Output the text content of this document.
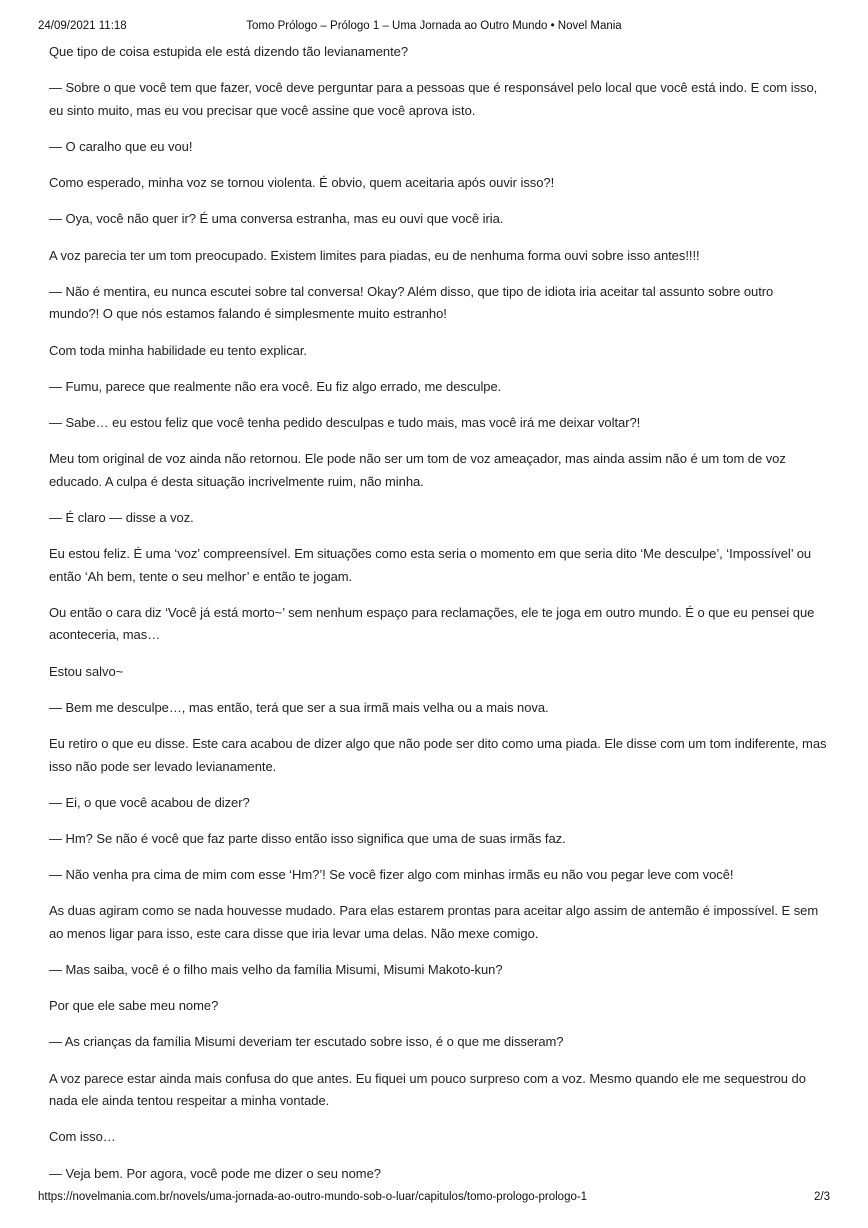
24/09/2021 11:18	Tomo Prólogo – Prólogo 1 – Uma Jornada ao Outro Mundo • Novel Mania

Que tipo de coisa estupida ele está dizendo tão levianamente?

— Sobre o que você tem que fazer, você deve perguntar para a pessoas que é responsável pelo local que você está indo. E com isso, eu sinto muito, mas eu vou precisar que você assine que você aprova isto.

— O caralho que eu vou!

Como esperado, minha voz se tornou violenta. É obvio, quem aceitaria após ouvir isso?!

— Oya, você não quer ir? É uma conversa estranha, mas eu ouvi que você iria.

A voz parecia ter um tom preocupado. Existem limites para piadas, eu de nenhuma forma ouvi sobre isso antes!!!!

— Não é mentira, eu nunca escutei sobre tal conversa! Okay? Além disso, que tipo de idiota iria aceitar tal assunto sobre outro mundo?! O que nós estamos falando é simplesmente muito estranho!

Com toda minha habilidade eu tento explicar.

— Fumu, parece que realmente não era você. Eu fiz algo errado, me desculpe.

— Sabe… eu estou feliz que você tenha pedido desculpas e tudo mais, mas você irá me deixar voltar?!

Meu tom original de voz ainda não retornou. Ele pode não ser um tom de voz ameaçador, mas ainda assim não é um tom de voz educado. A culpa é desta situação incrivelmente ruim, não minha.

— É claro — disse a voz.

Eu estou feliz. É uma ‘voz’ compreensível. Em situações como esta seria o momento em que seria dito ‘Me desculpe’, ‘Impossível’ ou então ‘Ah bem, tente o seu melhor’ e então te jogam.

Ou então o cara diz ‘Você já está morto~’ sem nenhum espaço para reclamações, ele te joga em outro mundo. É o que eu pensei que aconteceria, mas…

Estou salvo~

— Bem me desculpe…, mas então, terá que ser a sua irmã mais velha ou a mais nova.

Eu retiro o que eu disse. Este cara acabou de dizer algo que não pode ser dito como uma piada. Ele disse com um tom indiferente, mas isso não pode ser levado levianamente.

— Ei, o que você acabou de dizer?

— Hm? Se não é você que faz parte disso então isso significa que uma de suas irmãs faz.

— Não venha pra cima de mim com esse ‘Hm?’! Se você fizer algo com minhas irmãs eu não vou pegar leve com você!

As duas agiram como se nada houvesse mudado. Para elas estarem prontas para aceitar algo assim de antemão é impossível. E sem ao menos ligar para isso, este cara disse que iria levar uma delas. Não mexe comigo.

— Mas saiba, você é o filho mais velho da família Misumi, Misumi Makoto-kun?

Por que ele sabe meu nome?

— As crianças da família Misumi deveriam ter escutado sobre isso, é o que me disseram?

A voz parece estar ainda mais confusa do que antes. Eu fiquei um pouco surpreso com a voz. Mesmo quando ele me sequestrou do nada ele ainda tentou respeitar a minha vontade.

Com isso…

— Veja bem. Por agora, você pode me dizer o seu nome?

https://novelmania.com.br/novels/uma-jornada-ao-outro-mundo-sob-o-luar/capitulos/tomo-prologo-prologo-1	2/3
